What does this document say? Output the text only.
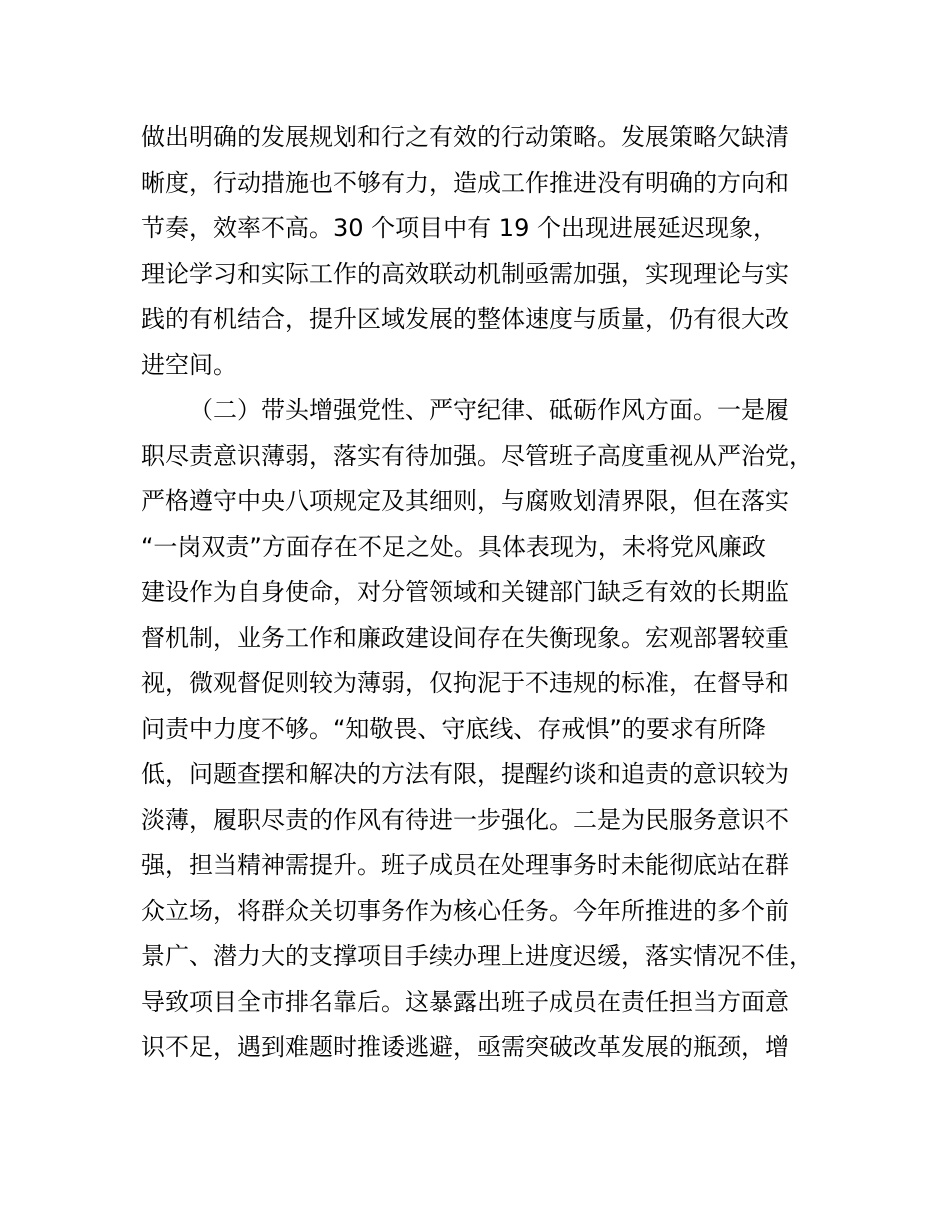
做出明确的发展规划和行之有效的行动策略。发展策略欠缺清
晰度，行动措施也不够有力，造成工作推进没有明确的方向和
节奏，效率不高。30 个项目中有 19 个出现进展延迟现象，
理论学习和实际工作的高效联动机制亟需加强，实现理论与实
践的有机结合，提升区域发展的整体速度与质量，仍有很大改
进空间。
（二）带头增强党性、严守纪律、砥砺作风方面。一是履
职尽责意识薄弱，落实有待加强。尽管班子高度重视从严治党，
严格遵守中央八项规定及其细则，与腐败划清界限，但在落实
“一岗双责”方面存在不足之处。具体表现为，未将党风廉政
建设作为自身使命，对分管领域和关键部门缺乏有效的长期监
督机制，业务工作和廉政建设间存在失衡现象。宏观部署较重
视，微观督促则较为薄弱，仅拘泥于不违规的标准，在督导和
问责中力度不够。“知敬畏、守底线、存戒惧”的要求有所降
低，问题查摆和解决的方法有限，提醒约谈和追责的意识较为
淡薄，履职尽责的作风有待进一步强化。二是为民服务意识不
强，担当精神需提升。班子成员在处理事务时未能彻底站在群
众立场，将群众关切事务作为核心任务。今年所推进的多个前
景广、潜力大的支撑项目手续办理上进度迟缓，落实情况不佳，
导致项目全市排名靠后。这暴露出班子成员在责任担当方面意
识不足，遇到难题时推诿逃避，亟需突破改革发展的瓶颈，增
